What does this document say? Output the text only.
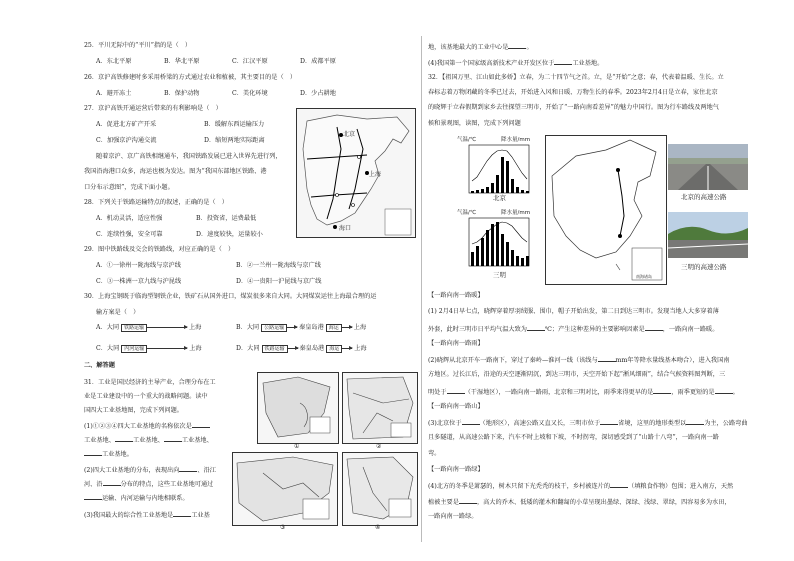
25．平川无际中的“平川”指的是（　）
A．东北平原	B．华北平原	C．江汉平原	D．成都平原
26．京沪高铁修建时多采用桥梁的方式通过农业和植被，其主要目的是（　）
A．避开冻土	B．保护动物	C．美化环境	D．少占耕地
27．京沪高铁开通运营后带来的有利影响是（　）
A．促进北方矿产开采	B．缓解东西运输压力
C．加强京沪沟通交流	D．缩短两地实际距离
随着京沪、京广高铁相继通车，我国铁路发展已进入世界先进行列，
我国沿海港口众多，海运也极为发达。图为“我国东部地区铁路、港
口分布示意图”，完成下面小题。
北京
上海
海口
28．下列关于铁路运输特点的叙述，正确的是（　）
A．机动灵活，适应性强	B．投资省，运费最低
C．连续性强，安全可靠	D．速度较快，运量较小
29．图中铁路线及交会的铁路线，对应正确的是（　）
A．①一徐州一陇海线与京沪线	B．②一兰州一陇海线与京广线
C．③一株洲一京九线与沪昆线	D．④一贵阳一沪昆线与京广线
30．上海宝钢既于临海型钢铁企业，铁矿石从国外进口，煤炭很多来自大同。大同煤炭运往上海最合理的运
输方案是（　）
A．大同 铁路运输	上海	B．大同 公路运输 秦皇岛港 海运 上海
C．大同 内河运输	上海	D．大同 铁路运输 秦皇岛港 海运 上海
二、解答题
31．工业是国民经济的主导产业，合理分布在工
业是工业建设中的一个重大的战略问题。读中
国四大工业基地图，完成下列问题。
(1)①②③④四大工业基地的名称依次是
工业基地、	工业基地、	工业基地、
工业基地。
(2)四大工业基地的分布，表现出向	、沿江
河、沿	分布的特点，这些工业基地可通过
运输、内河运输与内地相联系。
(3)我国最大的综合性工业基地是	工业基
①
③	④
②
地，该基地最大的工业中心是	。
(4)我国第一个国家级高新技术产业开发区位于	工业基地。
32．【祖国万里、江山如此多娇】立春，为二十四节气之首。立，是“开始”之意；春，代表着温暖、生长。立
春标志着万物闭藏的冬季已过去，开始进入风和日暖、万物生长的春季。2023年2月4日是立春，家住北京
的晓辉于立春假期到家乡去往探望三明市，开始了“一路向南看差异”的魅力中国行。图为行车路线及两地气
候和景观图，读图，完成下列问题
气温/℃	降水量/mm
北京
气温/℃	降水量/mm
三明	南海诸岛
北京的高速公路
三明的高速公路
【一路向南一路暖】
(1) 2月4日早七点，晓辉穿着厚羽绒服、围巾，帽子开始出发，第二日到达三明市。发现当地人大多穿着薄
外套，此时三明市日平均气温大致为	℃；产生这种差异的主要影响因素是	，一路向南一路暖。
【一路向南一路雨】
(2)晓辉从北京开车一路南下，穿过了秦岭—淮河一线（该线与	mm年等降水量线基本吻合），进入我国南
方地区。过长江后，沿途的天空逐渐阴沉，到达三明市，天空开始下起“淅风细雨”，结合气候资料图判断，三
明处于	（干湿地区），一路向南一路雨，北京和三明对比，雨季来得更早的是	，雨季更短的是	。
【一路向南一路山】
(3)北京位于	（地形区），高速公路又直又长，三明市位于	省境，这里的地形类型以	为主，公路弯曲
且多隧道，从高速公路下来，汽车不时上坡和下坡，不时拐弯，深切感受到了“山路十八弯”，一路向南一路
弯。
【一路向南一路绿】
(4)北方的冬季是萧瑟的，树木只留下光秃秃的枝干，乡村被连片的	（填粮食作物）包围；进入南方，天然
植被主要是	，高大的乔木、低矮的灌木和翻匐的小草呈现出墨绿、深绿、浅绿、翠绿，四容易多为水田，
一路向南一路绿。
